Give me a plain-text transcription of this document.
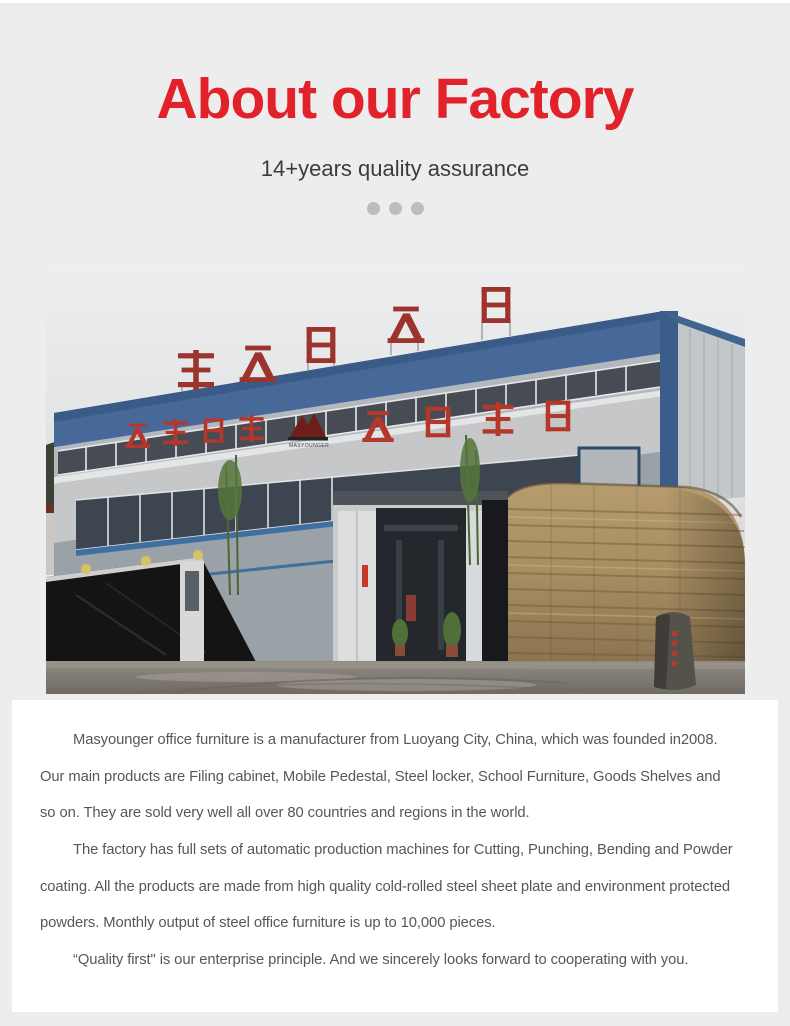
About our Factory
14+years quality assurance
MASYOUNGER
Masyounger office furniture is a manufacturer from Luoyang City, China, which was founded in2008.
Our main products are Filing cabinet, Mobile Pedestal, Steel locker, School Furniture, Goods Shelves and
so on. They are sold very well all over 80 countries and regions in the world.
The factory has full sets of automatic production machines for Cutting, Punching, Bending and Powder
coating. All the products are made from high quality cold-rolled steel sheet plate and environment protected
powders. Monthly output of steel office furniture is up to 10,000 pieces.
“Quality first" is our enterprise principle. And we sincerely looks forward to cooperating with you.
